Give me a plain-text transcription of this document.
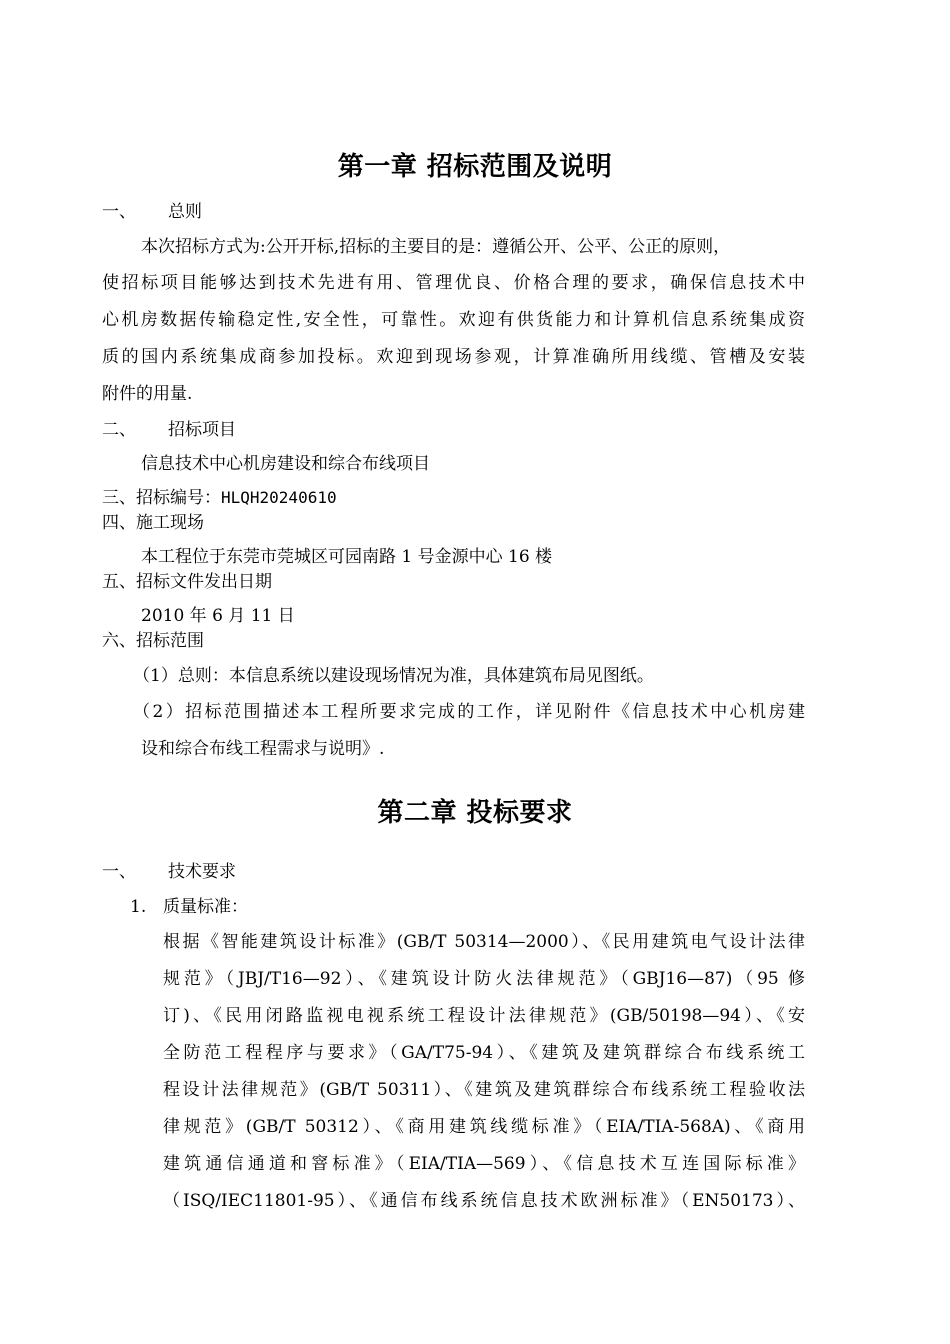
第一章 招标范围及说明
一、 总则
本次招标方式为:公开开标,招标的主要目的是：遵循公开、公平、公正的原则，
使招标项目能够达到技术先进有用、管理优良、价格合理的要求，确保信息技术中
心机房数据传输稳定性,安全性，可靠性。欢迎有供货能力和计算机信息系统集成资
质的国内系统集成商参加投标。欢迎到现场参观，计算准确所用线缆、管槽及安装
附件的用量.
二、 招标项目
信息技术中心机房建设和综合布线项目
三、招标编号：HLQH20240610
四、施工现场
本工程位于东莞市莞城区可园南路 1 号金源中心 16 楼
五、招标文件发出日期
2010 年 6 月 11 日
六、招标范围
（1）总则：本信息系统以建设现场情况为准，具体建筑布局见图纸。
（2）招标范围描述本工程所要求完成的工作，详见附件《信息技术中心机房建
设和综合布线工程需求与说明》.
第二章 投标要求
一、 技术要求
1. 质量标准：
根据《智能建筑设计标准》(GB/T 50314—2000）、《民用建筑电气设计法律
规范》（JBJ/T16—92）、《建筑设计防火法律规范》（GBJ16—87)（95 修
订)、《民用闭路监视电视系统工程设计法律规范》(GB/50198—94）、《安
全防范工程程序与要求》（GA/T75-94）、《建筑及建筑群综合布线系统工
程设计法律规范》(GB/T 50311）、《建筑及建筑群综合布线系统工程验收法
律规范》(GB/T 50312）、《商用建筑线缆标准》（EIA/TIA-568A)、《商用
建筑通信通道和窨标准》（EIA/TIA—569）、《信息技术互连国际标准》
（ISQ/IEC11801-95）、《通信布线系统信息技术欧洲标准》（EN50173）、
